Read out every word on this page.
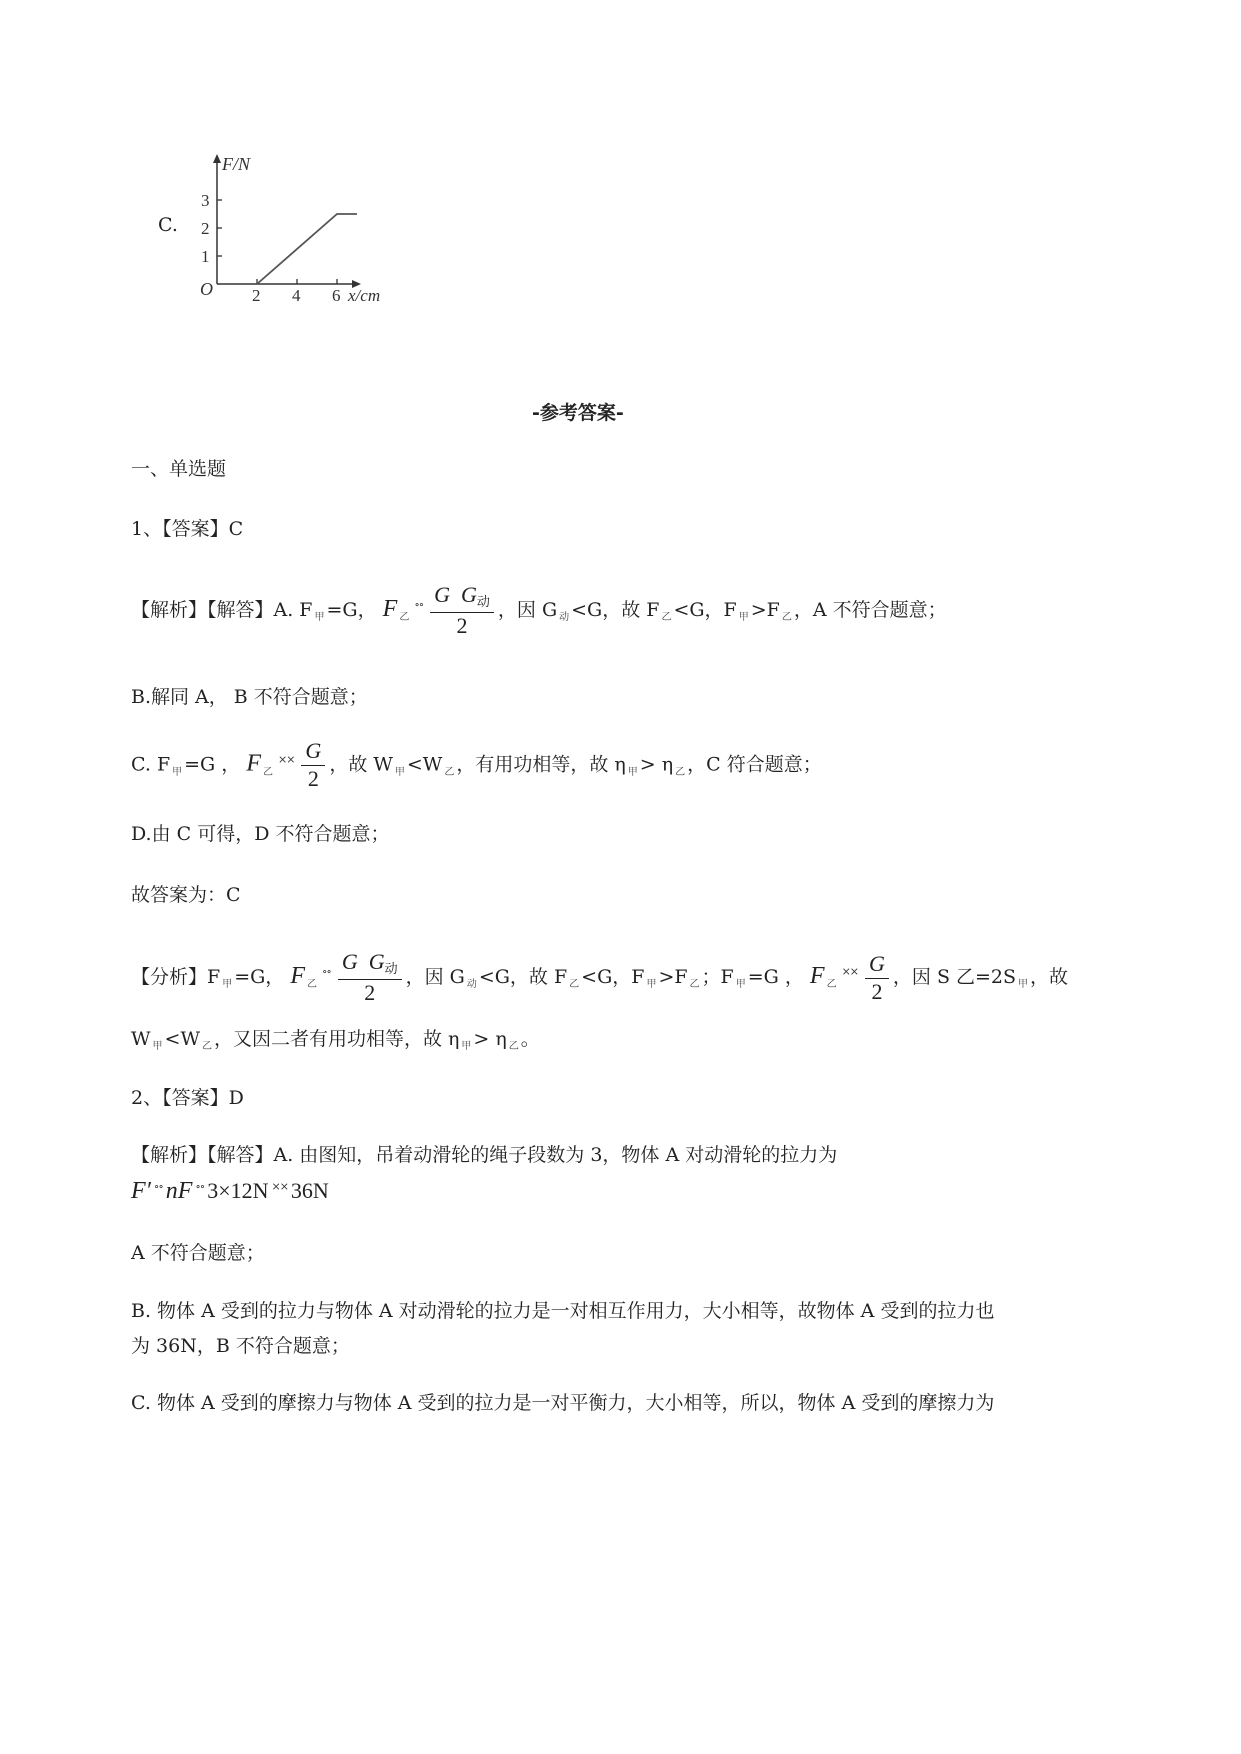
C.
F/N
O	x/cm
3
2
1
2 4 6
-参考答案-
一、单选题
1、【答案】C
【解析】【解答】A. F $_甲$ =G， F $_乙^{\circ\circ} \frac{\text{G G动}}{2}$ ，因 G $_动$ <G，故 F $_乙$ <G，F $_甲$ >F $_乙$ ，A 不符合题意；
B.解同 A， B 不符合题意；
C. F $_甲$ =G ， F $_乙^{\times\times} \frac{G}{2}$ ，故 W $_甲$ <W $_乙$ ，有用功相等，故 η $_甲$ > η $_乙$ ，C 符合题意；
D.由 C 可得，D 不符合题意；
故答案为：C
【分析】F $_甲$ =G， F $_乙^{\circ\circ} \frac{\text{G G动}}{2}$ ，因 G $_动$ <G，故 F $_乙$ <G，F $_甲$ >F $_乙$ ；F $_甲$ =G ， F $_乙^{\times\times} \frac{G}{2}$ ，因 S 乙=2S $_甲$ ，故
W $_甲$ <W $_乙$ ，又因二者有用功相等，故 η $_甲$ > η $_乙$ 。
2、【答案】D
【解析】【解答】A. 由图知，吊着动滑轮的绳子段数为 3，物体 A 对动滑轮的拉力为
F′ ∘∘ nF ∘∘ 3×12N ×× 36N
A 不符合题意；
B. 物体 A 受到的拉力与物体 A 对动滑轮的拉力是一对相互作用力，大小相等，故物体 A 受到的拉力也
为 36N，B 不符合题意；
C. 物体 A 受到的摩擦力与物体 A 受到的拉力是一对平衡力，大小相等，所以，物体 A 受到的摩擦力为
